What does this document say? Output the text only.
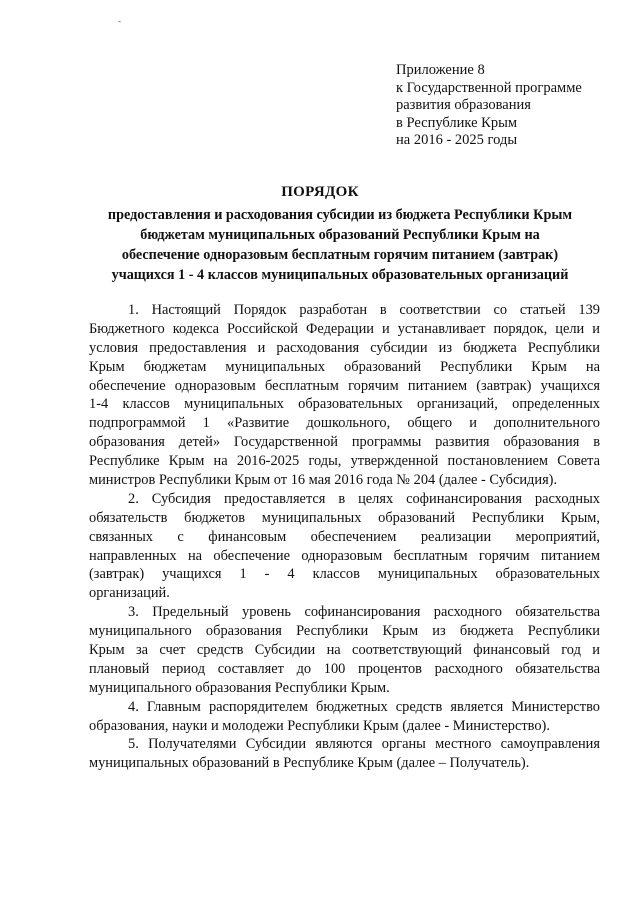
-
Приложение 8
к Государственной программе
развития образования
в Республике Крым
на 2016 - 2025 годы
ПОРЯДОК
предоставления и расходования субсидии из бюджета Республики Крым
бюджетам муниципальных образований Республики Крым на
обеспечение одноразовым бесплатным горячим питанием (завтрак)
учащихся 1 - 4 классов муниципальных образовательных организаций
1. Настоящий Порядок разработан в соответствии со статьей 139
Бюджетного кодекса Российской Федерации и устанавливает порядок, цели и
условия предоставления и расходования субсидии из бюджета Республики
Крым бюджетам муниципальных образований Республики Крым на
обеспечение одноразовым бесплатным горячим питанием (завтрак) учащихся
1-4 классов муниципальных образовательных организаций, определенных
подпрограммой 1 «Развитие дошкольного, общего и дополнительного
образования детей» Государственной программы развития образования в
Республике Крым на 2016-2025 годы, утвержденной постановлением Совета
министров Республики Крым от 16 мая 2016 года № 204 (далее - Субсидия).
2. Субсидия предоставляется в целях софинансирования расходных
обязательств бюджетов муниципальных образований Республики Крым,
связанных с финансовым обеспечением реализации мероприятий,
направленных на обеспечение одноразовым бесплатным горячим питанием
(завтрак) учащихся 1 - 4 классов муниципальных образовательных
организаций.
3. Предельный уровень софинансирования расходного обязательства
муниципального образования Республики Крым из бюджета Республики
Крым за счет средств Субсидии на соответствующий финансовый год и
плановый период составляет до 100 процентов расходного обязательства
муниципального образования Республики Крым.
4. Главным распорядителем бюджетных средств является Министерство
образования, науки и молодежи Республики Крым (далее - Министерство).
5. Получателями Субсидии являются органы местного самоуправления
муниципальных образований в Республике Крым (далее – Получатель).
